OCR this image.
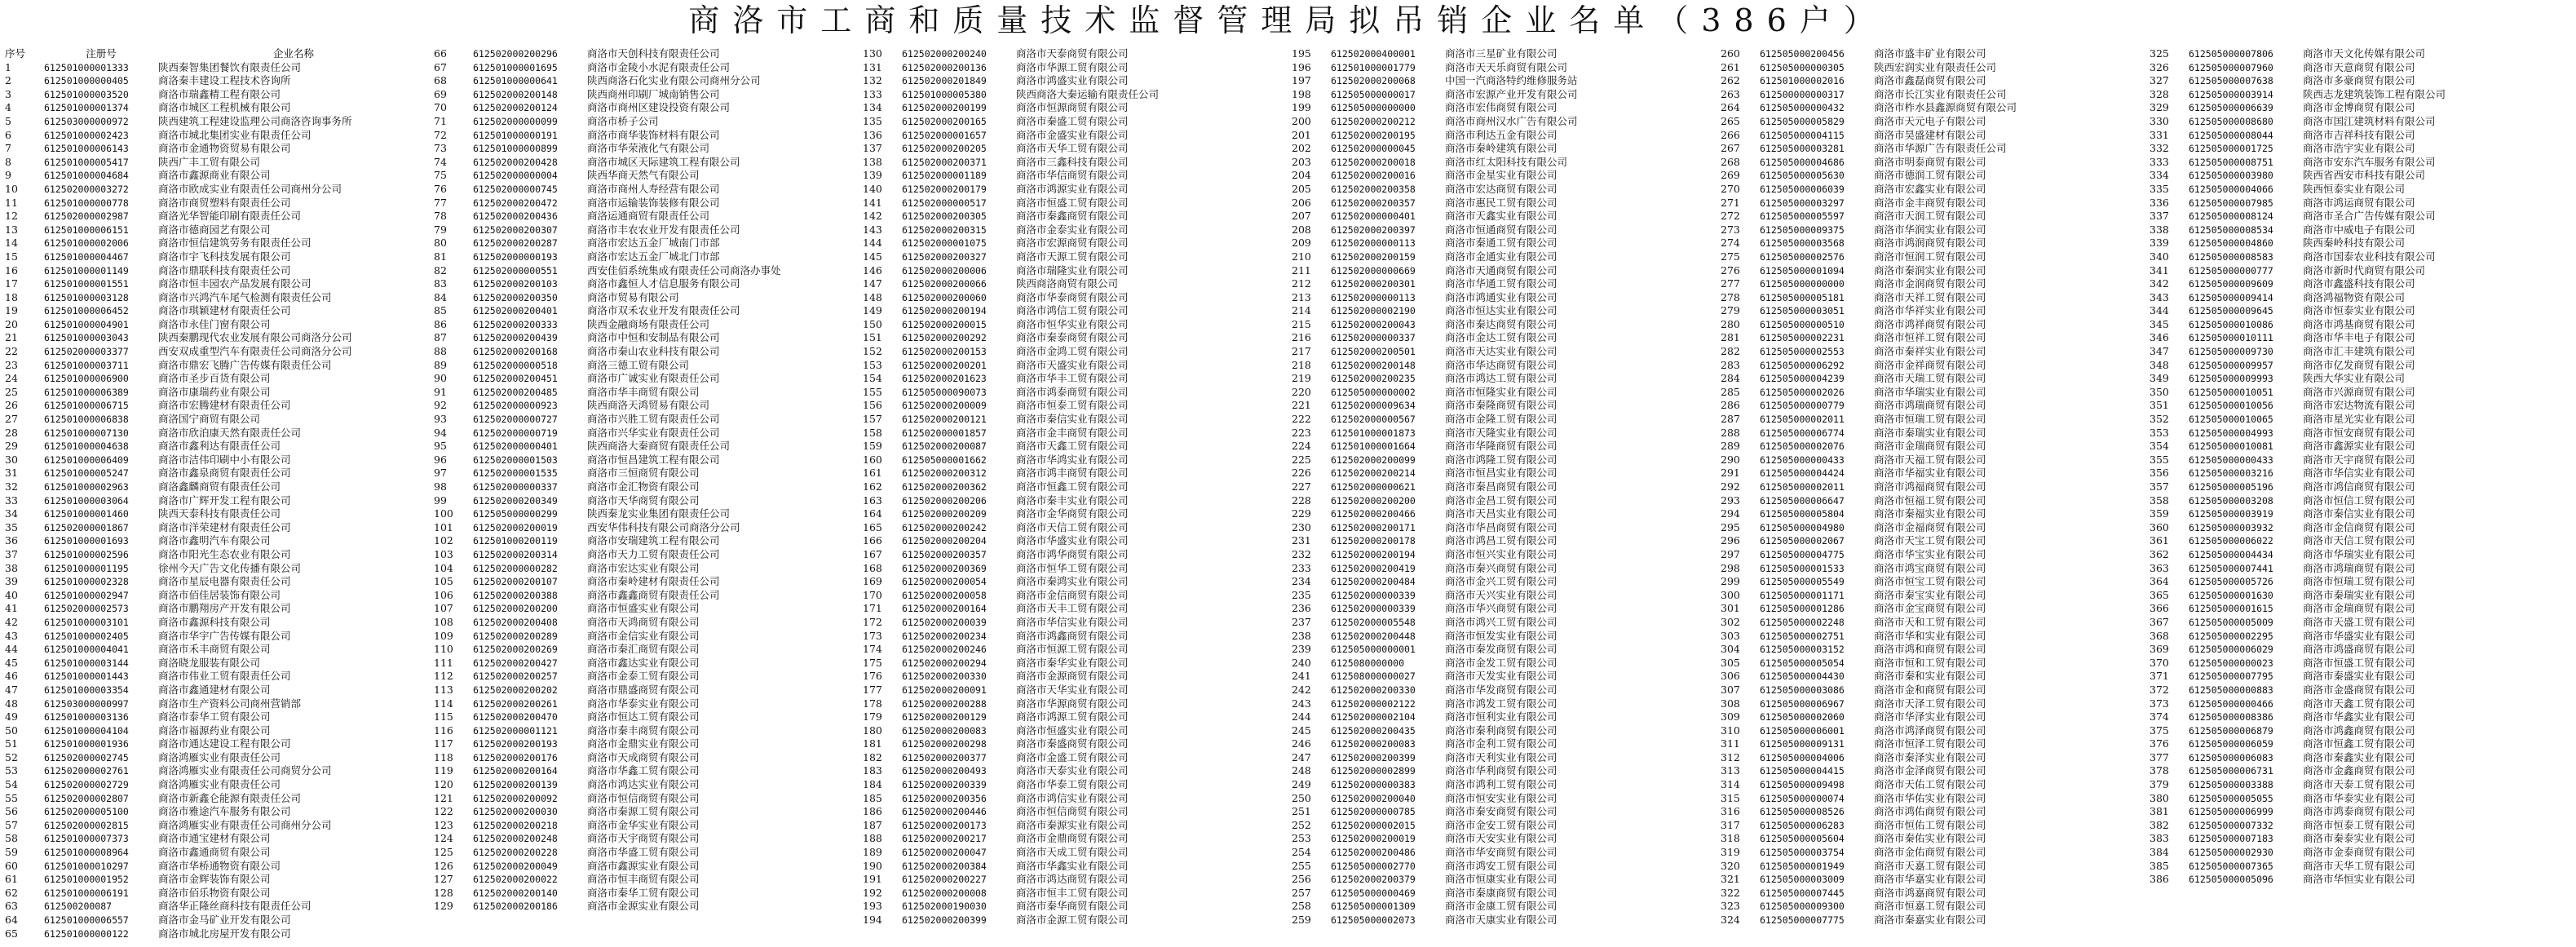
商洛市工商和质量技术监督管理局拟吊销企业名单（386户）
序号	注册号	企业名称
1	612501000001333	陕西秦智集团餐饮有限责任公司
2	612501000000405	商洛秦丰建设工程技术咨询所
3	612501000003520	商洛市瑞鑫精工程有限公司
4	612501000001374	商洛市城区工程机械有限公司
5	612503000000972	陕西建筑工程建设监理公司商洛咨询事务所
6	612501000002423	商洛市城北集团实业有限责任公司
7	612501000006143	商洛市金通物资贸易有限公司
8	612501000005417	陕西广丰工贸有限公司
9	612501000004684	商洛市鑫源商业有限公司
10	612502000003272	商洛市欧成实业有限责任公司商州分公司
11	612501000000778	商洛市商贸塑料有限责任公司
12	612502000002987	商洛光华智能印刷有限责任公司
13	612501000006151	商洛市德商园艺有限公司
14	612501000002006	商洛市恒信建筑劳务有限责任公司
15	612501000004467	商洛市宇飞科技发展有限公司
16	612501000001149	商洛市鼎联科技有限责任公司
17	612501000001551	商洛市恒丰园农产品发展有限公司
18	612501000003128	商洛市兴鸿汽车尾气检测有限责任公司
19	612501000006452	商洛市琪颖建材有限责任公司
20	612501000004901	商洛市永佳门窗有限公司
21	612501000003043	陕西秦鹏现代农业发展有限公司商洛分公司
22	612502000003377	西安双成重型汽车有限责任公司商洛分公司
23	612501000003711	商洛市鼎宏飞腾广告传媒有限责任公司
24	612501000006900	商洛市圣步百货有限公司
25	612501000006389	商洛市康瑞药业有限公司
26	612501000006715	商洛市宏腾建材有限责任公司
27	612501000006838	商洛国宁商贸有限公司
28	612501000007130	商洛市欣泊康天然有限责任公司
29	612501000004638	商洛市鑫利达有限责任公司
30	612501000006409	商洛市洁伟印刷中小有限公司
31	612501000005247	商洛市鑫泉商贸有限责任公司
32	612501000002963	商洛鑫麟商贸有限责任公司
33	612501000003064	商洛市广辉开发工程有限公司
34	612501000001460	陕西天泰科技有限责任公司
35	612502000001867	商洛市洋荣建材有限责任公司
36	612501000001693	商洛市鑫明汽车有限公司
37	612501000002596	商洛市阳光生态农业有限公司
38	612501000001195	徐州今天广告文化传播有限公司
39	612501000002328	商洛市星辰电器有限责任公司
40	612501000002947	商洛市佰佳居装饰有限公司
41	612502000002573	商洛市鹏翔房产开发有限公司
42	612501000003101	商洛市鑫源科技有限公司
43	612501000002405	商洛市华宇广告传媒有限公司
44	612501000004041	商洛市禾丰商贸有限公司
45	612501000003144	商洛晓龙服装有限公司
46	612501000001443	商洛市伟业工贸有限责任公司
47	612501000003354	商洛市鑫通建材有限公司
48	612503000000997	商洛市生产资料公司商州营销部
49	612501000003136	商洛市泰华工贸有限公司
50	612501000004104	商洛市福源药业有限公司
51	612501000001936	商洛市通达建设工程有限公司
52	612502000002745	商洛鸿雁实业有限责任公司
53	612502000002761	商洛鸿雁实业有限责任公司商贸分公司
54	612502000002729	商洛鸿雁实业有限责任公司
55	612502000002807	商洛市新鑫仑能源有限责任公司
56	612502000005100	商洛市雅途汽车服务有限公司
57	612502000002815	商洛鸿雁实业有限责任公司商州分公司
58	612501000007373	商洛市通宝建材有限公司
59	612501000008964	商洛市鑫通商贸有限公司
60	612501000010297	商洛市华桥通物资有限公司
61	612501000001952	商洛市金辉装饰有限公司
62	612501000006191	商洛市佰乐物资有限公司
63	612500200087	商洛华正隆丝商科技有限责任公司
64	612501000006557	商洛市金马矿业开发有限公司
65	612501000000122	商洛市城北房屋开发有限公司
66	612502000200296	商洛市天创科技有限责任公司
67	612501000001695	商洛市金陵小水泥有限责任公司
68	612501000000641	陕西商洛石化实业有限公司商州分公司
69	612502000200148	陕西商州印刷厂城南销售公司
70	612502000200124	商洛市商州区建设投资有限公司
71	612502000000099	商洛市桥子公司
72	612501000000191	商洛市商华装饰材料有限公司
73	612501000000899	商洛市华荣液化气有限公司
74	612502000200428	商洛市城区天际建筑工程有限公司
75	612502000000004	陕西华商天然气有限公司
76	612502000000745	商洛市商州人寿经营有限公司
77	612502000200472	商洛市运输装饰装修有限公司
78	612502000200436	商洛运通商贸有限责任公司
79	612502000200307	商洛市丰农农业开发有限责任公司
80	612502000200287	商洛市宏达五金厂城南门市部
81	612502000000193	商洛市宏达五金厂城北门市部
82	612502000000551	西安佳佰系统集成有限责任公司商洛办事处
83	612502000200103	商洛市鑫恒人才信息服务有限公司
84	612502000200350	商洛市贸易有限公司
85	612502000200401	商洛市双禾农业开发有限责任公司
86	612502000200333	陕西金融商场有限责任公司
87	612502000200439	商洛市中恒和安制品有限公司
88	612502000200168	商洛市秦山农业科技有限公司
89	612502000000518	商洛三德工贸有限公司
90	612502000200451	商洛市广诚实业有限责任公司
91	612502000200485	商洛市华丰商贸有限公司
92	612502000000923	陕西商洛天鸿贸易有限公司
93	612502000000727	商洛市兴胜工贸有限责任公司
94	612502000000719	商洛市兴华实业有限责任公司
95	612502000000401	陕西商洛大秦商贸有限责任公司
96	612502000001503	商洛市恒昌建筑工程有限公司
97	612502000001535	商洛市三恒商贸有限公司
98	612502000000337	商洛市金汇物资有限公司
99	612502000200349	商洛市天华商贸有限公司
100	612505000000299	陕西秦龙实业集团有限责任公司
101	612502000200019	西安华伟科技有限公司商洛分公司
102	612501000200119	商洛市安瑞建筑工程有限公司
103	612502000200314	商洛市天力工贸有限责任公司
104	612502000000282	商洛市宏达实业有限公司
105	612502000200107	商洛市秦岭建材有限责任公司
106	612502000200388	商洛市鑫鑫商贸有限责任公司
107	612502000200200	商洛市恒盛实业有限公司
108	612502000200408	商洛市天鸿商贸有限公司
109	612502000200289	商洛市金信实业有限公司
110	612502000200269	商洛市秦汇商贸有限公司
111	612502000200427	商洛市鑫达实业有限公司
112	612502000200257	商洛市金泰工贸有限公司
113	612502000200202	商洛市鼎盛商贸有限公司
114	612502000200261	商洛市华泰实业有限公司
115	612502000200470	商洛市恒达工贸有限公司
116	612502000001121	商洛市秦丰商贸有限公司
117	612502000200193	商洛市金鼎实业有限公司
118	612502000200176	商洛市天成商贸有限公司
119	612502000200164	商洛市华鑫工贸有限公司
120	612502000200139	商洛市鸿达实业有限公司
121	612502000200092	商洛市恒信商贸有限公司
122	612502000200030	商洛市秦源工贸有限公司
123	612502000200218	商洛市金华实业有限公司
124	612502000200248	商洛市天宇商贸有限公司
125	612502000200228	商洛市华盛工贸有限公司
126	612502000200049	商洛市鑫源实业有限公司
127	612502000200022	商洛市恒丰商贸有限公司
128	612502000200140	商洛市秦华工贸有限公司
129	612502000200186	商洛市金源实业有限公司
130	612502000200240	商洛市天泰商贸有限公司
131	612502000200136	商洛市华源工贸有限公司
132	612502000201849	商洛市鸿盛实业有限公司
133	612501000005380	陕西商洛大秦运输有限责任公司
134	612502000200199	商洛市恒源商贸有限公司
135	612502000200165	商洛市秦盛工贸有限公司
136	612502000001657	商洛市金盛实业有限公司
137	612502000200205	商洛市天华工贸有限公司
138	612502000200371	商洛市三鑫科技有限公司
139	612502000001189	商洛市华信商贸有限公司
140	612502000200179	商洛市鸿源实业有限公司
141	612502000000517	商洛市恒盛工贸有限公司
142	612502000200305	商洛市秦鑫商贸有限公司
143	612502000200315	商洛市金泰实业有限公司
144	612502000001075	商洛市宏源商贸有限公司
145	612502000200327	商洛市天源工贸有限公司
146	612502000200006	商洛市瑞隆实业有限公司
147	612502000200066	陕西商洛商贸有限公司
148	612502000200060	商洛市华泰商贸有限公司
149	612502000200194	商洛市鸿信工贸有限公司
150	612502000200015	商洛市恒华实业有限公司
151	612502000200292	商洛市秦泰商贸有限公司
152	612502000200153	商洛市金鸿工贸有限公司
153	612502000200201	商洛市天盛实业有限公司
154	612502000201623	商洛市华丰工贸有限公司
155	612505000090073	商洛市鸿泰商贸有限公司
156	612502000200009	商洛市恒泰工贸有限公司
157	612502000200121	商洛市秦信实业有限公司
158	612502000001857	商洛市金丰商贸有限公司
159	612502000200087	商洛市天鑫工贸有限公司
160	612505000001662	商洛市华鸿实业有限公司
161	612502000200312	商洛市鸿丰商贸有限公司
162	612502000200362	商洛市恒鑫工贸有限公司
163	612502000200206	商洛市秦丰实业有限公司
164	612502000200209	商洛市金华商贸有限公司
165	612502000200242	商洛市天信工贸有限公司
166	612502000200204	商洛市华盛实业有限公司
167	612502000200357	商洛市鸿华商贸有限公司
168	612502000200369	商洛市恒华工贸有限公司
169	612502000200054	商洛市秦鸿实业有限公司
170	612502000200058	商洛市金信商贸有限公司
171	612502000200164	商洛市天丰工贸有限公司
172	612502000200039	商洛市华信实业有限公司
173	612502000200234	商洛市鸿鑫商贸有限公司
174	612502000200246	商洛市恒源工贸有限公司
175	612502000200294	商洛市秦华实业有限公司
176	612502000200330	商洛市金源商贸有限公司
177	612502000200091	商洛市天华实业有限公司
178	612502000200288	商洛市华源商贸有限公司
179	612502000200129	商洛市鸿源工贸有限公司
180	612502000200083	商洛市恒盛实业有限公司
181	612502000200298	商洛市秦盛商贸有限公司
182	612502000200377	商洛市金盛工贸有限公司
183	612502000200493	商洛市天泰实业有限公司
184	612502000200339	商洛市华泰工贸有限公司
185	612502000200356	商洛市鸿信实业有限公司
186	612502000200446	商洛市恒信商贸有限公司
187	612502000200173	商洛市秦源实业有限公司
188	612502000200217	商洛市金鼎商贸有限公司
189	612502000200047	商洛市天成工贸有限公司
190	612502000200384	商洛市华鑫实业有限公司
191	612502000200227	商洛市鸿达商贸有限公司
192	612502000200008	商洛市恒丰工贸有限公司
193	612502000190030	商洛市秦华商贸有限公司
194	612502000200399	商洛市金源工贸有限公司
195	612502000400001	商洛市三星矿业有限公司
196	612501000001779	商洛市天天乐商贸有限公司
197	612502000200068	中国一汽商洛特约维修服务站
198	612505000000017	商洛市宏源产业开发有限公司
199	612505000000000	商洛市宏伟商贸有限公司
200	612502000200212	商洛市商州汉水广告有限公司
201	612502000200195	商洛市利达五金有限公司
202	612502000000045	商洛市秦岭建筑有限公司
203	612502000200018	商洛市红太阳科技有限公司
204	612502000200016	商洛市金星实业有限公司
205	612502000200358	商洛市宏达商贸有限公司
206	612502000200357	商洛市惠民工贸有限公司
207	612502000000401	商洛市天鑫实业有限公司
208	612502000200397	商洛市恒通商贸有限公司
209	612502000000113	商洛市秦通工贸有限公司
210	612502000200159	商洛市金通实业有限公司
211	612502000000669	商洛市天通商贸有限公司
212	612502000200301	商洛市华通工贸有限公司
213	612502000000113	商洛市鸿通实业有限公司
214	612502000002190	商洛市恒达实业有限公司
215	612502000200043	商洛市秦达商贸有限公司
216	612502000000337	商洛市金达工贸有限公司
217	612502000200501	商洛市天达实业有限公司
218	612502000200148	商洛市华达商贸有限公司
219	612502000200235	商洛市鸿达工贸有限公司
220	612505000000002	商洛市恒隆实业有限公司
221	612502000009634	商洛市秦隆商贸有限公司
222	612502000000567	商洛市金隆工贸有限公司
223	612501000001873	商洛市天隆实业有限公司
224	612501000001664	商洛市华隆商贸有限公司
225	612502000200099	商洛市鸿隆工贸有限公司
226	612502000200214	商洛市恒昌实业有限公司
227	612502000000621	商洛市秦昌商贸有限公司
228	612502000200200	商洛市金昌工贸有限公司
229	612502000200466	商洛市天昌实业有限公司
230	612502000200171	商洛市华昌商贸有限公司
231	612502000200178	商洛市鸿昌工贸有限公司
232	612502000200194	商洛市恒兴实业有限公司
233	612502000200419	商洛市秦兴商贸有限公司
234	612502000200484	商洛市金兴工贸有限公司
235	612502000000339	商洛市天兴实业有限公司
236	612502000000339	商洛市华兴商贸有限公司
237	612502000005548	商洛市鸿兴工贸有限公司
238	612502000200448	商洛市恒发实业有限公司
239	612505000000001	商洛市秦发商贸有限公司
240	6125080000000	商洛市金发工贸有限公司
241	612508000000027	商洛市天发实业有限公司
242	612502000200330	商洛市华发商贸有限公司
243	612502000002122	商洛市鸿发工贸有限公司
244	612502000002104	商洛市恒利实业有限公司
245	612502000200435	商洛市秦利商贸有限公司
246	612502000200083	商洛市金利工贸有限公司
247	612502000200399	商洛市天利实业有限公司
248	612502000002899	商洛市华利商贸有限公司
249	612502000000383	商洛市鸿利工贸有限公司
250	612502000200040	商洛市恒安实业有限公司
251	612502000000785	商洛市秦安商贸有限公司
252	612502000002015	商洛市金安工贸有限公司
253	612502000200019	商洛市天安实业有限公司
254	612502000200486	商洛市华安商贸有限公司
255	612505000002770	商洛市鸿安工贸有限公司
256	612502000200379	商洛市恒康实业有限公司
257	612505000000469	商洛市秦康商贸有限公司
258	612505000001309	商洛市金康工贸有限公司
259	612505000002073	商洛市天康实业有限公司
260	612505000200456	商洛市盛丰矿业有限公司
261	612505000000305	陕西宏润实业有限责任公司
262	612501000002016	商洛市鑫磊商贸有限公司
263	612500000000317	商洛市长江实业有限责任公司
264	612505000000432	商洛市柞水县鑫源商贸有限公司
265	612505000005829	商洛市天元电子有限公司
266	612505000004115	商洛市昊盛建材有限公司
267	612505000003281	商洛市华源广告有限责任公司
268	612505000004686	商洛市明泰商贸有限公司
269	612505000005630	商洛市德润工贸有限公司
270	612505000006039	商洛市宏鑫实业有限公司
271	612505000003297	商洛市金丰商贸有限公司
272	612505000005597	商洛市天润工贸有限公司
273	612505000009375	商洛市华润实业有限公司
274	612505000003568	商洛市鸿润商贸有限公司
275	612505000002576	商洛市恒润工贸有限公司
276	612505000001094	商洛市秦润实业有限公司
277	612505000000000	商洛市金润商贸有限公司
278	612505000005181	商洛市天祥工贸有限公司
279	612505000003051	商洛市华祥实业有限公司
280	612505000000510	商洛市鸿祥商贸有限公司
281	612505000002231	商洛市恒祥工贸有限公司
282	612505000002553	商洛市秦祥实业有限公司
283	612505000006292	商洛市金祥商贸有限公司
284	612505000004239	商洛市天瑞工贸有限公司
285	612505000002026	商洛市华瑞实业有限公司
286	612505000000779	商洛市鸿瑞商贸有限公司
287	612505000002011	商洛市恒瑞工贸有限公司
288	612505000006774	商洛市秦瑞实业有限公司
289	612505000002076	商洛市金瑞商贸有限公司
290	612505000000433	商洛市天福工贸有限公司
291	612505000004424	商洛市华福实业有限公司
292	612505000002011	商洛市鸿福商贸有限公司
293	612505000006647	商洛市恒福工贸有限公司
294	612505000005804	商洛市秦福实业有限公司
295	612505000004980	商洛市金福商贸有限公司
296	612505000002067	商洛市天宝工贸有限公司
297	612505000004775	商洛市华宝实业有限公司
298	612505000001533	商洛市鸿宝商贸有限公司
299	612505000005549	商洛市恒宝工贸有限公司
300	612505000001171	商洛市秦宝实业有限公司
301	612505000001286	商洛市金宝商贸有限公司
302	612505000002248	商洛市天和工贸有限公司
303	612505000002751	商洛市华和实业有限公司
304	612505000003152	商洛市鸿和商贸有限公司
305	612505000005054	商洛市恒和工贸有限公司
306	612505000004430	商洛市秦和实业有限公司
307	612505000003086	商洛市金和商贸有限公司
308	612505000006967	商洛市天泽工贸有限公司
309	612505000002060	商洛市华泽实业有限公司
310	612505000006001	商洛市鸿泽商贸有限公司
311	612505000009131	商洛市恒泽工贸有限公司
312	612505000004006	商洛市秦泽实业有限公司
313	612505000004415	商洛市金泽商贸有限公司
314	612505000009498	商洛市天佑工贸有限公司
315	612505000000074	商洛市华佑实业有限公司
316	612505000008526	商洛市鸿佑商贸有限公司
317	612505000006283	商洛市恒佑工贸有限公司
318	612505000005604	商洛市秦佑实业有限公司
319	612505000003754	商洛市金佑商贸有限公司
320	612505000001949	商洛市天嘉工贸有限公司
321	612505000003009	商洛市华嘉实业有限公司
322	612505000007445	商洛市鸿嘉商贸有限公司
323	612505000009300	商洛市恒嘉工贸有限公司
324	612505000007775	商洛市秦嘉实业有限公司
325	612505000007806	商洛市天文化传媒有限公司
326	612505000007960	商洛市天意商贸有限公司
327	612505000007638	商洛市多豪商贸有限公司
328	612505000003914	陕西志龙建筑装饰工程有限公司
329	612505000006639	商洛市金博商贸有限公司
330	612505000008680	商洛市国江建筑材料有限公司
331	612505000008044	商洛市吉祥科技有限公司
332	612505000001725	商洛市浩宇实业有限公司
333	612505000008751	商洛市安东汽车服务有限公司
334	612505000003980	陕西省西安市科技有限公司
335	612505000004066	陕西恒泰实业有限公司
336	612505000007985	商洛市鸿运商贸有限公司
337	612505000008124	商洛市圣合广告传媒有限公司
338	612505000008534	商洛市中威电子有限公司
339	612505000004860	陕西秦岭科技有限公司
340	612505000008583	商洛市国泰农业科技有限公司
341	612505000000777	商洛市新时代商贸有限公司
342	612505000009609	商洛市鑫盛科技有限公司
343	612505000009414	商洛鸿福物资有限公司
344	612505000009645	商洛市恒泰实业有限公司
345	612505000010086	商洛市鸿基商贸有限公司
346	612505000010111	商洛市华丰电子有限公司
347	612505000009730	商洛市汇丰建筑有限公司
348	612505000009957	商洛市亿发商贸有限公司
349	612505000009993	陕西大华实业有限公司
350	612505000010051	商洛市兴源商贸有限公司
351	612505000010056	商洛市宏达物流有限公司
352	612505000010065	商洛市星光实业有限公司
353	612505000004993	商洛市恒安商贸有限公司
354	612505000010081	商洛市鑫源实业有限公司
355	612505000000433	商洛市天宇商贸有限公司
356	612505000003216	商洛市华信实业有限公司
357	612505000005196	商洛市鸿信商贸有限公司
358	612505000003208	商洛市恒信工贸有限公司
359	612505000003919	商洛市秦信实业有限公司
360	612505000003932	商洛市金信商贸有限公司
361	612505000006022	商洛市天信工贸有限公司
362	612505000004434	商洛市华瑞实业有限公司
363	612505000007441	商洛市鸿瑞商贸有限公司
364	612505000005726	商洛市恒瑞工贸有限公司
365	612505000001630	商洛市秦瑞实业有限公司
366	612505000001615	商洛市金瑞商贸有限公司
367	612505000005009	商洛市天盛工贸有限公司
368	612505000002295	商洛市华盛实业有限公司
369	612505000006029	商洛市鸿盛商贸有限公司
370	612505000000023	商洛市恒盛工贸有限公司
371	612505000007795	商洛市秦盛实业有限公司
372	612505000000883	商洛市金盛商贸有限公司
373	612505000000466	商洛市天鑫工贸有限公司
374	612505000008386	商洛市华鑫实业有限公司
375	612505000006879	商洛市鸿鑫商贸有限公司
376	612505000006059	商洛市恒鑫工贸有限公司
377	612505000006083	商洛市秦鑫实业有限公司
378	612505000006731	商洛市金鑫商贸有限公司
379	612505000003388	商洛市天泰工贸有限公司
380	612505000005055	商洛市华泰实业有限公司
381	612505000006999	商洛市鸿泰商贸有限公司
382	612505000007332	商洛市恒泰工贸有限公司
383	612505000007183	商洛市秦泰实业有限公司
384	612505000002930	商洛市金泰商贸有限公司
385	612505000007365	商洛市天华工贸有限公司
386	612505000005096	商洛市华恒实业有限公司
